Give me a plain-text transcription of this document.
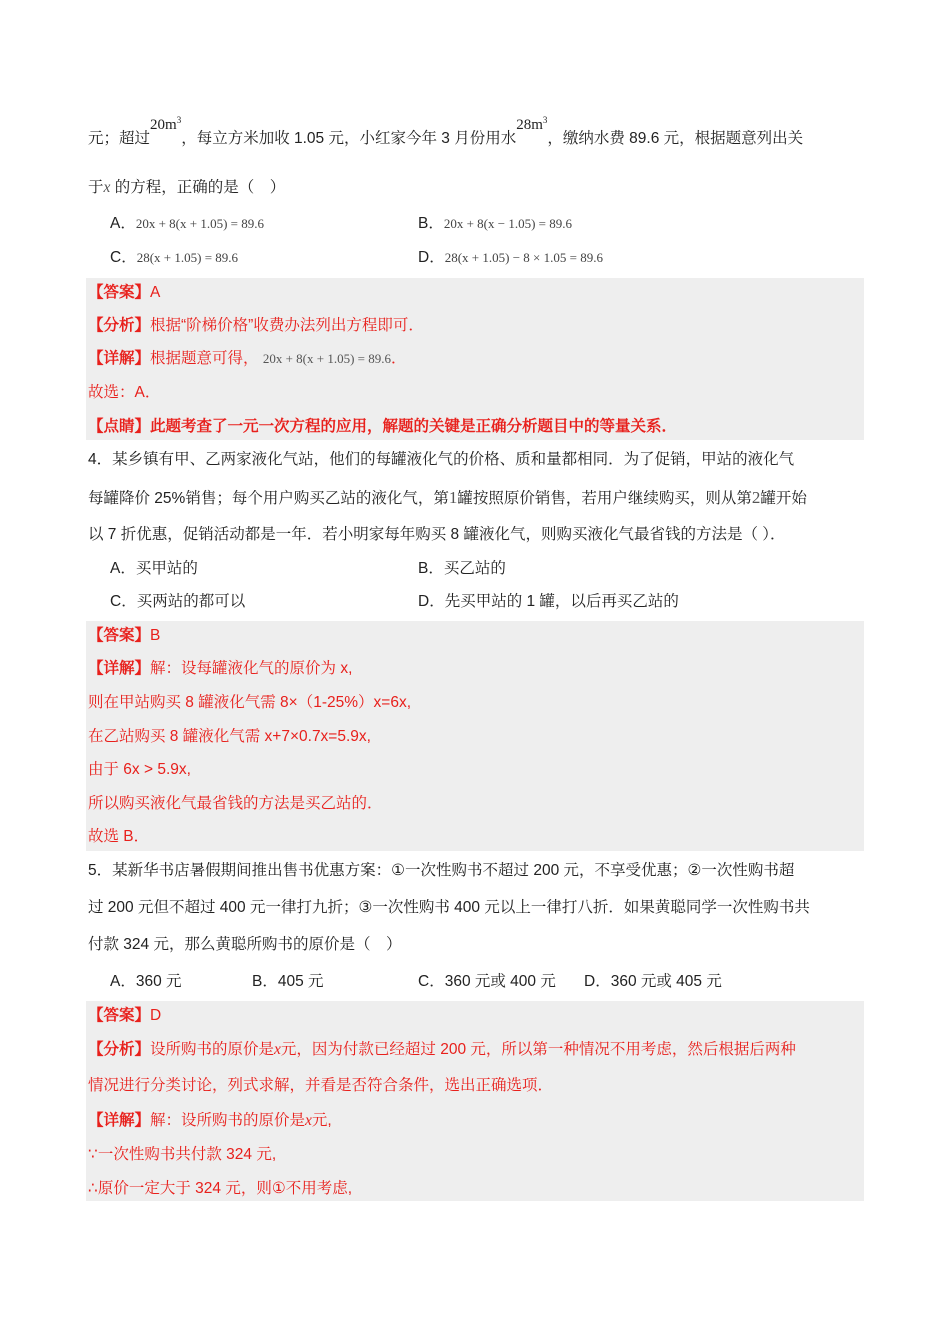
元；超过$20m^3$，每立方米加收 1.05 元，小红家今年 3 月份用水$28m^3$，缴纳水费 89.6 元，根据题意列出关
于x 的方程，正确的是（　）
A．20x + 8(x + 1.05) = 89.6	B．20x + 8(x − 1.05) = 89.6
C．28(x + 1.05) = 89.6	D．28(x + 1.05) − 8 × 1.05 = 89.6
【答案】A
【分析】根据“阶梯价格”收费办法列出方程即可．
【详解】根据题意可得， 20x + 8(x + 1.05) = 89.6．
故选：A．
【点睛】此题考查了一元一次方程的应用，解题的关键是正确分析题目中的等量关系．
4．某乡镇有甲、乙两家液化气站，他们的每罐液化气的价格、质和量都相同．为了促销，甲站的液化气
每罐降价 25%销售；每个用户购买乙站的液化气，第1罐按照原价销售，若用户继续购买，则从第2罐开始
以 7 折优惠，促销活动都是一年．若小明家每年购买 8 罐液化气，则购买液化气最省钱的方法是（ ）．
A．买甲站的	B．买乙站的
C．买两站的都可以	D．先买甲站的 1 罐，以后再买乙站的
【答案】B
【详解】解：设每罐液化气的原价为 x,
则在甲站购买 8 罐液化气需 8×（1-25%）x=6x,
在乙站购买 8 罐液化气需 x+7×0.7x=5.9x,
由于 6x > 5.9x,
所以购买液化气最省钱的方法是买乙站的．
故选 B．
5．某新华书店暑假期间推出售书优惠方案：①一次性购书不超过 200 元，不享受优惠；②一次性购书超
过 200 元但不超过 400 元一律打九折；③一次性购书 400 元以上一律打八折．如果黄聪同学一次性购书共
付款 324 元，那么黄聪所购书的原价是（　）
A．360 元	B．405 元	C．360 元或 400 元 D．360 元或 405 元
【答案】D
【分析】设所购书的原价是x元，因为付款已经超过 200 元，所以第一种情况不用考虑，然后根据后两种
情况进行分类讨论，列式求解，并看是否符合条件，选出正确选项．
【详解】解：设所购书的原价是x元,
∵一次性购书共付款 324 元,
∴原价一定大于 324 元，则①不用考虑,
